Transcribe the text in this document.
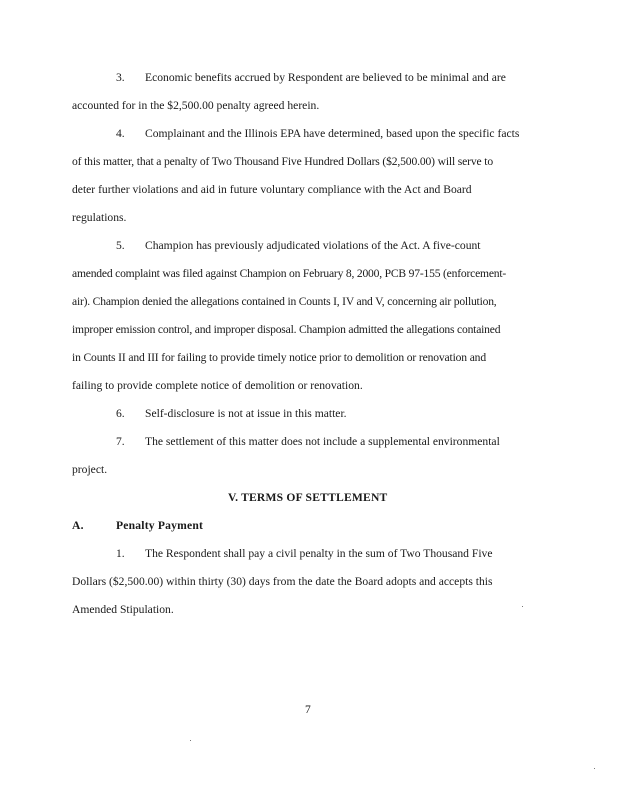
3. Economic benefits accrued by Respondent are believed to be minimal and are
accounted for in the $2,500.00 penalty agreed herein.
4. Complainant and the Illinois EPA have determined, based upon the specific facts
of this matter, that a penalty of Two Thousand Five Hundred Dollars ($2,500.00) will serve to
deter further violations and aid in future voluntary compliance with the Act and Board
regulations.
5. Champion has previously adjudicated violations of the Act. A five-count
amended complaint was filed against Champion on February 8, 2000, PCB 97-155 (enforcement-
air). Champion denied the allegations contained in Counts I, IV and V, concerning air pollution,
improper emission control, and improper disposal. Champion admitted the allegations contained
in Counts II and III for failing to provide timely notice prior to demolition or renovation and
failing to provide complete notice of demolition or renovation.
6. Self-disclosure is not at issue in this matter.
7. The settlement of this matter does not include a supplemental environmental
project.
V. TERMS OF SETTLEMENT
A.	Penalty Payment
1. The Respondent shall pay a civil penalty in the sum of Two Thousand Five
Dollars ($2,500.00) within thirty (30) days from the date the Board adopts and accepts this
Amended Stipulation.
7
